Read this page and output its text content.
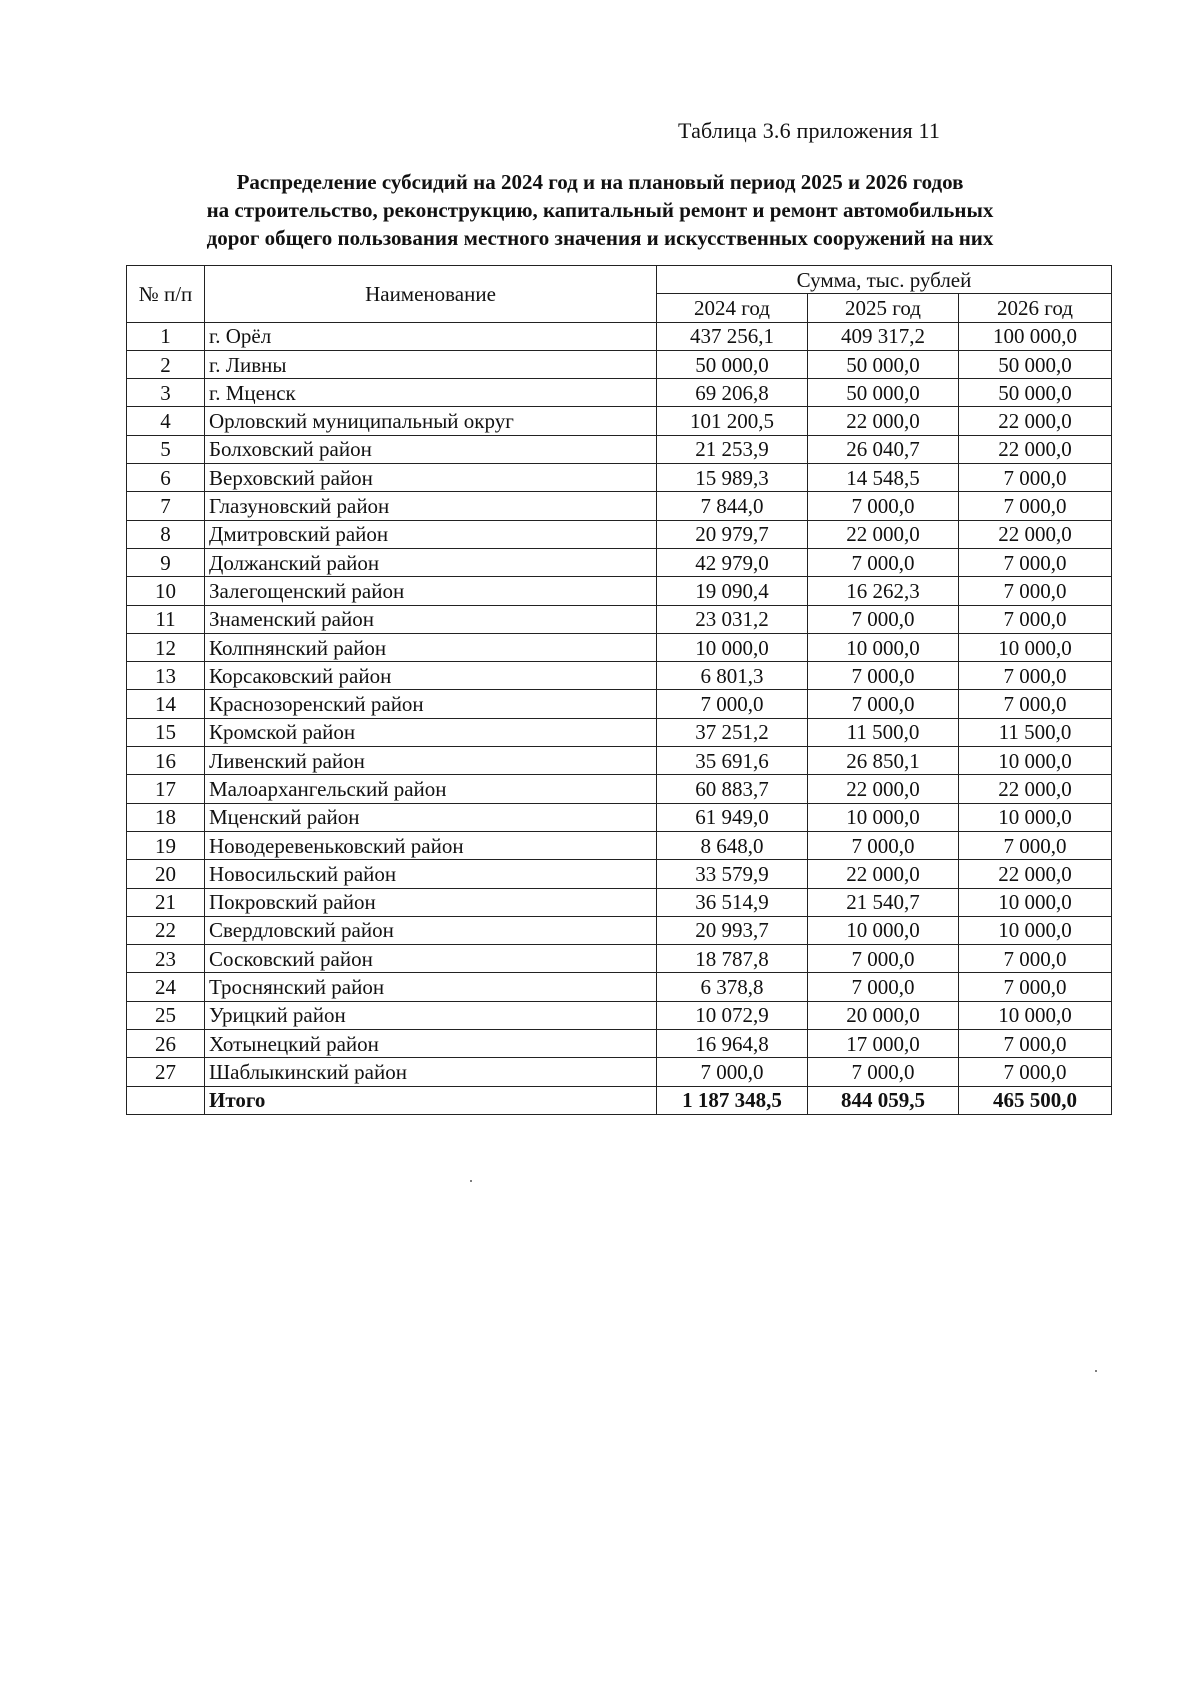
Таблица 3.6 приложения 11
Распределение субсидий на 2024 год и на плановый период 2025 и 2026 годов
на строительство, реконструкцию, капитальный ремонт и ремонт автомобильных
дорог общего пользования местного значения и искусственных сооружений на них
№ п/п	Наименование	Сумма, тыс. рублей		
		2024 год	2025 год	2026 год
1	г. Орёл	437 256,1	409 317,2	100 000,0
2	г. Ливны	50 000,0	50 000,0	50 000,0
3	г. Мценск	69 206,8	50 000,0	50 000,0
4	Орловский муниципальный округ	101 200,5	22 000,0	22 000,0
5	Болховский район	21 253,9	26 040,7	22 000,0
6	Верховский район	15 989,3	14 548,5	7 000,0
7	Глазуновский район	7 844,0	7 000,0	7 000,0
8	Дмитровский район	20 979,7	22 000,0	22 000,0
9	Должанский район	42 979,0	7 000,0	7 000,0
10	Залегощенский район	19 090,4	16 262,3	7 000,0
11	Знаменский район	23 031,2	7 000,0	7 000,0
12	Колпнянский район	10 000,0	10 000,0	10 000,0
13	Корсаковский район	6 801,3	7 000,0	7 000,0
14	Краснозоренский район	7 000,0	7 000,0	7 000,0
15	Кромской район	37 251,2	11 500,0	11 500,0
16	Ливенский район	35 691,6	26 850,1	10 000,0
17	Малоархангельский район	60 883,7	22 000,0	22 000,0
18	Мценский район	61 949,0	10 000,0	10 000,0
19	Новодеревеньковский район	8 648,0	7 000,0	7 000,0
20	Новосильский район	33 579,9	22 000,0	22 000,0
21	Покровский район	36 514,9	21 540,7	10 000,0
22	Свердловский район	20 993,7	10 000,0	10 000,0
23	Сосковский район	18 787,8	7 000,0	7 000,0
24	Троснянский район	6 378,8	7 000,0	7 000,0
25	Урицкий район	10 072,9	20 000,0	10 000,0
26	Хотынецкий район	16 964,8	17 000,0	7 000,0
27	Шаблыкинский район	7 000,0	7 000,0	7 000,0
	Итого	1 187 348,5	844 059,5	465 500,0
